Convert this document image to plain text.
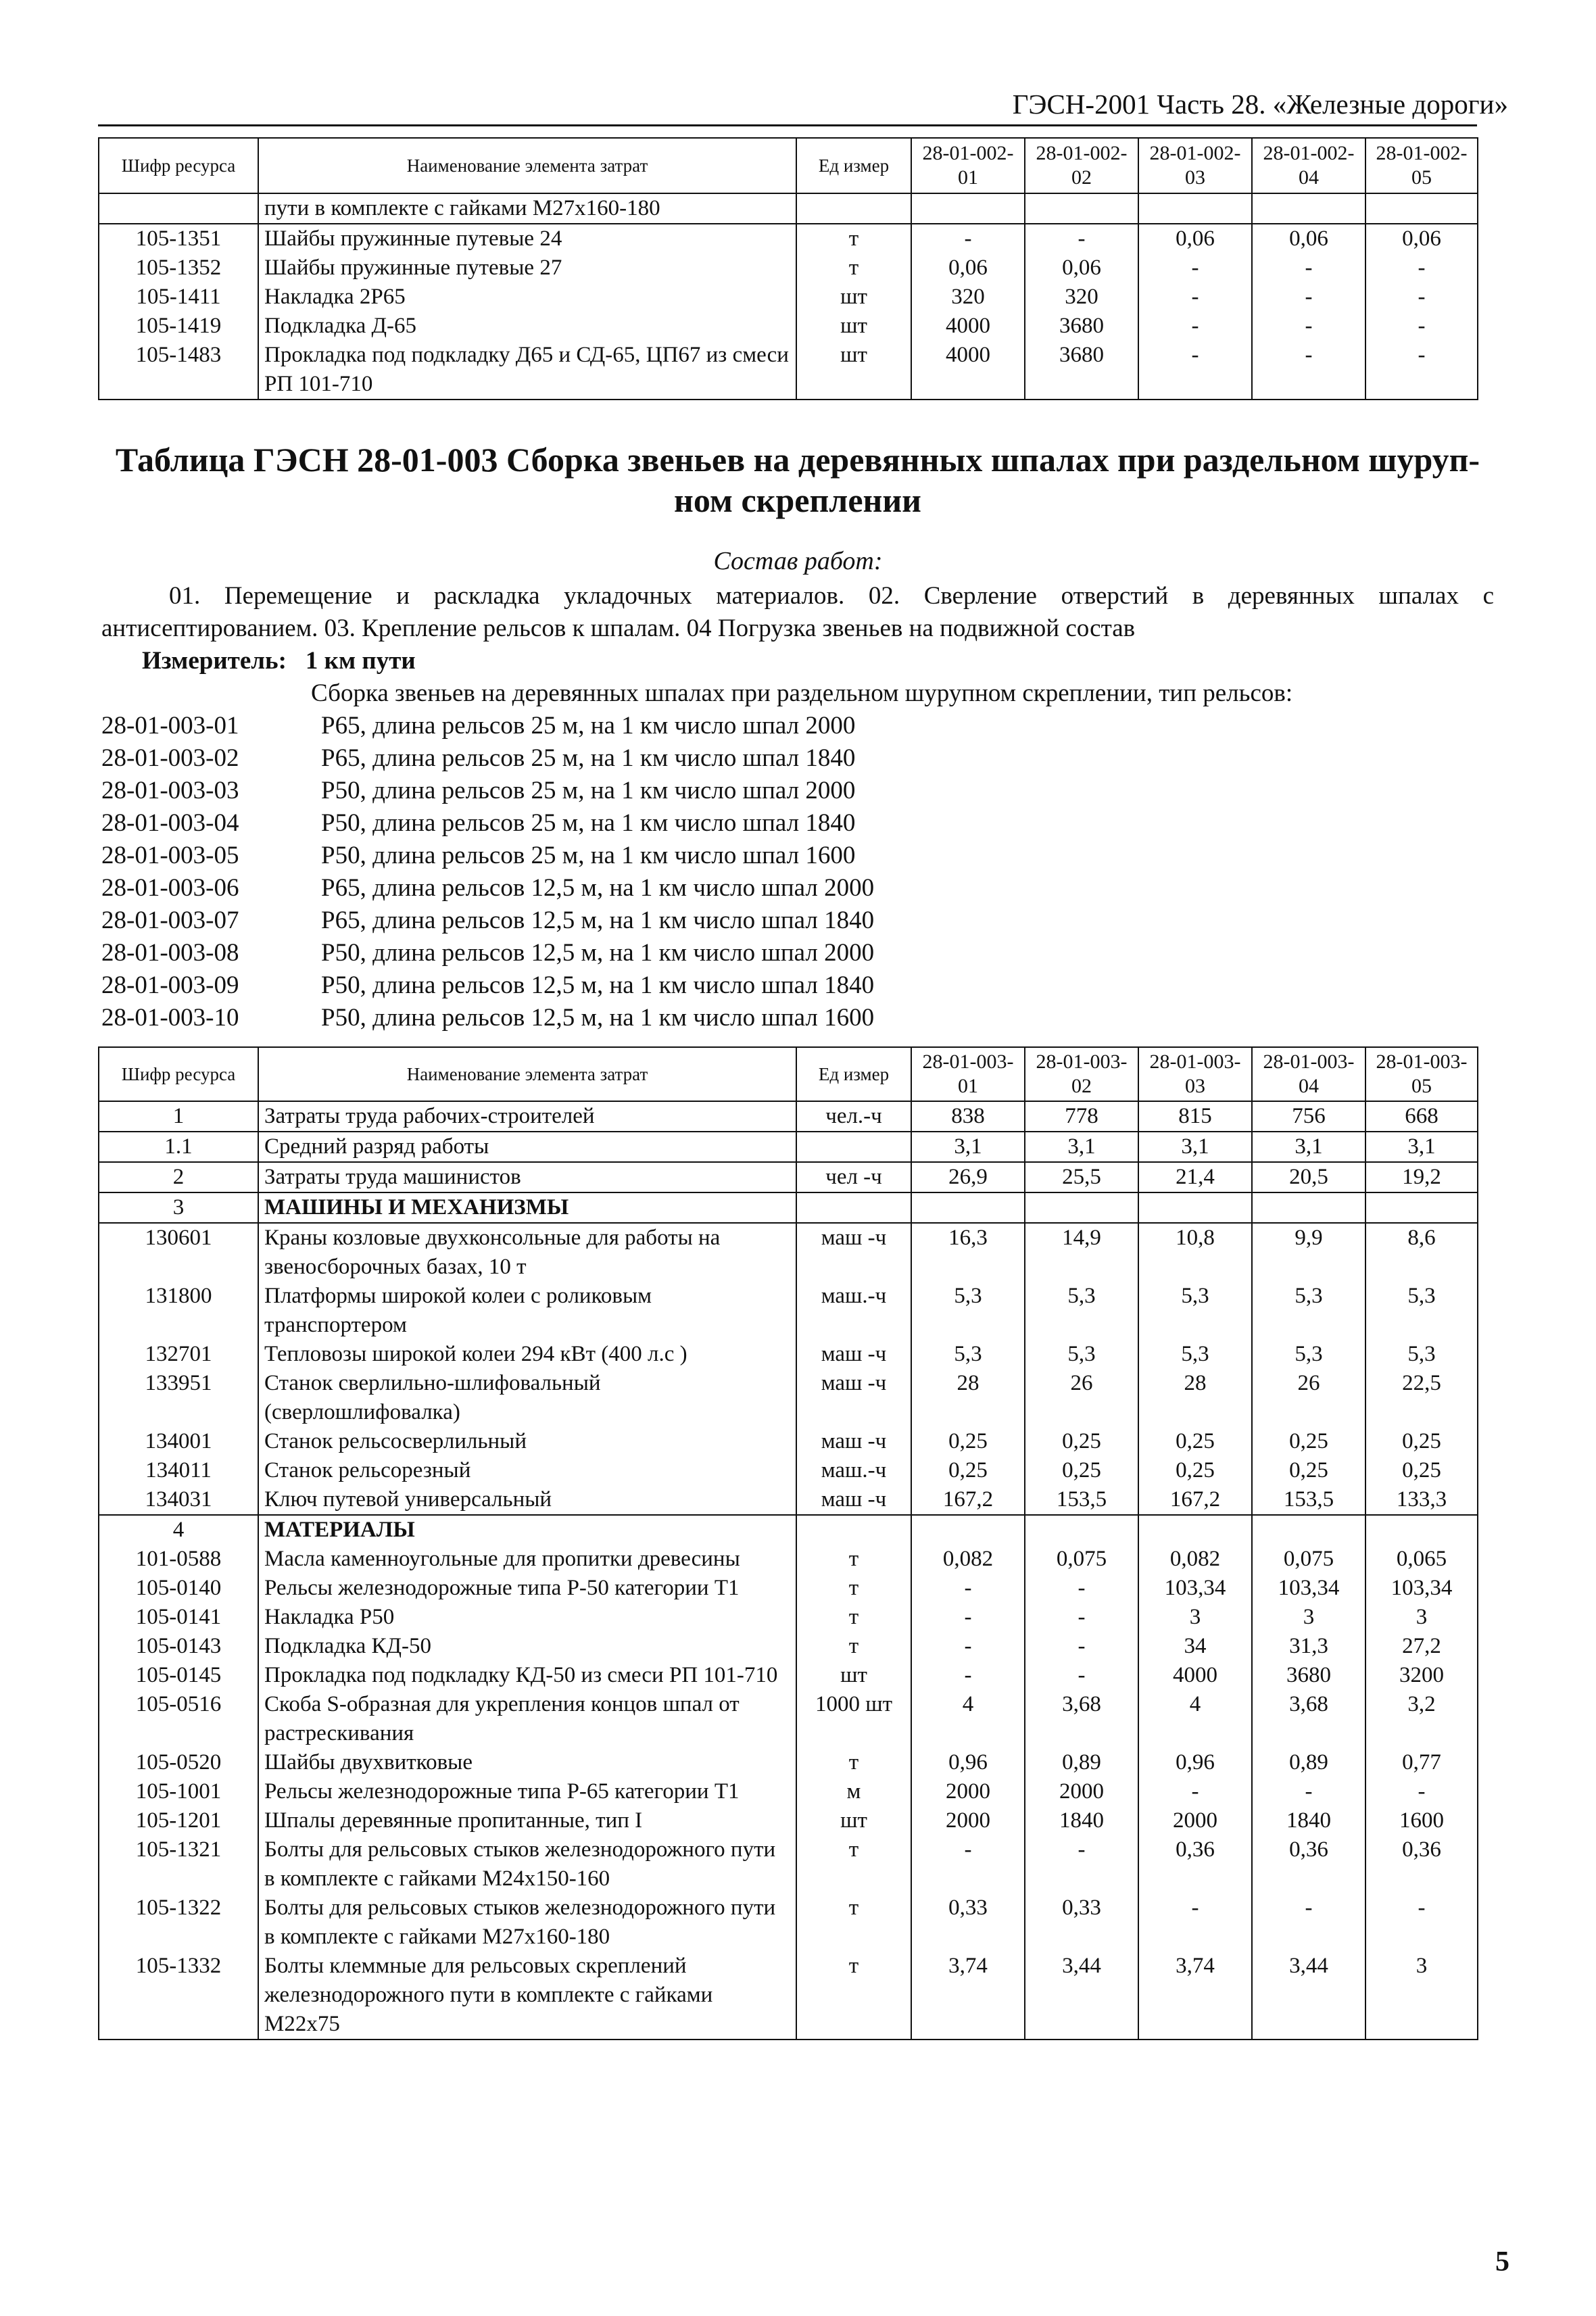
ГЭСН-2001 Часть 28. «Железные дороги»
Шифр ресурса	Наименование элемента затрат	Ед измер	28-01-002-01	28-01-002-02	28-01-002-03	28-01-002-04	28-01-002-05
	пути в комплекте с гайками М27х160-180						
105-1351	Шайбы пружинные путевые 24	т	-	-	0,06	0,06	0,06
105-1352	Шайбы пружинные путевые 27	т	0,06	0,06	-	-	-
105-1411	Накладка 2Р65	шт	320	320	-	-	-
105-1419	Подкладка Д-65	шт	4000	3680	-	-	-
105-1483	Прокладка под подкладку Д65 и СД-65, ЦП67 из смеси РП 101-710	шт	4000	3680	-	-	-
Таблица ГЭСН 28-01-003 Сборка звеньев на деревянных шпалах при раздельном шуруп-
ном скреплении
Состав работ:
01. Перемещение и раскладка укладочных материалов. 02. Сверление отверстий в деревянных шпалах с антисептированием. 03. Крепление рельсов к шпалам. 04 Погрузка звеньев на подвижной состав
Измеритель: 1 км пути
Сборка звеньев на деревянных шпалах при раздельном шурупном скреплении, тип рельсов:
28-01-003-01	Р65, длина рельсов 25 м, на 1 км число шпал 2000
28-01-003-02	Р65, длина рельсов 25 м, на 1 км число шпал 1840
28-01-003-03	Р50, длина рельсов 25 м, на 1 км число шпал 2000
28-01-003-04	Р50, длина рельсов 25 м, на 1 км число шпал 1840
28-01-003-05	Р50, длина рельсов 25 м, на 1 км число шпал 1600
28-01-003-06	Р65, длина рельсов 12,5 м, на 1 км число шпал 2000
28-01-003-07	Р65, длина рельсов 12,5 м, на 1 км число шпал 1840
28-01-003-08	Р50, длина рельсов 12,5 м, на 1 км число шпал 2000
28-01-003-09	Р50, длина рельсов 12,5 м, на 1 км число шпал 1840
28-01-003-10	Р50, длина рельсов 12,5 м, на 1 км число шпал 1600
Шифр ресурса	Наименование элемента затрат	Ед измер	28-01-003-01	28-01-003-02	28-01-003-03	28-01-003-04	28-01-003-05
1	Затраты труда рабочих-строителей	чел.-ч	838	778	815	756	668
1.1	Средний разряд работы		3,1	3,1	3,1	3,1	3,1
2	Затраты труда машинистов	чел -ч	26,9	25,5	21,4	20,5	19,2
3	МАШИНЫ И МЕХАНИЗМЫ						
130601	Краны козловые двухконсольные для работы на звеносборочных базах, 10 т	маш -ч	16,3	14,9	10,8	9,9	8,6
131800	Платформы широкой колеи с роликовым транспортером	маш.-ч	5,3	5,3	5,3	5,3	5,3
132701	Тепловозы широкой колеи 294 кВт (400 л.с )	маш -ч	5,3	5,3	5,3	5,3	5,3
133951	Станок сверлильно-шлифовальный (сверлошлифовалка)	маш -ч	28	26	28	26	22,5
134001	Станок рельсосверлильный	маш -ч	0,25	0,25	0,25	0,25	0,25
134011	Станок рельсорезный	маш.-ч	0,25	0,25	0,25	0,25	0,25
134031	Ключ путевой универсальный	маш -ч	167,2	153,5	167,2	153,5	133,3
4	МАТЕРИАЛЫ						
101-0588	Масла каменноугольные для пропитки древесины	т	0,082	0,075	0,082	0,075	0,065
105-0140	Рельсы железнодорожные типа Р-50 категории Т1	т	-	-	103,34	103,34	103,34
105-0141	Накладка Р50	т	-	-	3	3	3
105-0143	Подкладка КД-50	т	-	-	34	31,3	27,2
105-0145	Прокладка под подкладку КД-50 из смеси РП 101-710	шт	-	-	4000	3680	3200
105-0516	Скоба S-образная для укрепления концов шпал от растрескивания	1000 шт	4	3,68	4	3,68	3,2
105-0520	Шайбы двухвитковые	т	0,96	0,89	0,96	0,89	0,77
105-1001	Рельсы железнодорожные типа Р-65 категории Т1	м	2000	2000	-	-	-
105-1201	Шпалы деревянные пропитанные, тип I	шт	2000	1840	2000	1840	1600
105-1321	Болты для рельсовых стыков железнодорожного пути в комплекте с гайками М24х150-160	т	-	-	0,36	0,36	0,36
105-1322	Болты для рельсовых стыков железнодорожного пути в комплекте с гайками М27х160-180	т	0,33	0,33	-	-	-
105-1332	Болты клеммные для рельсовых скреплений железнодорожного пути в комплекте с гайками М22х75	т	3,74	3,44	3,74	3,44	3
5
